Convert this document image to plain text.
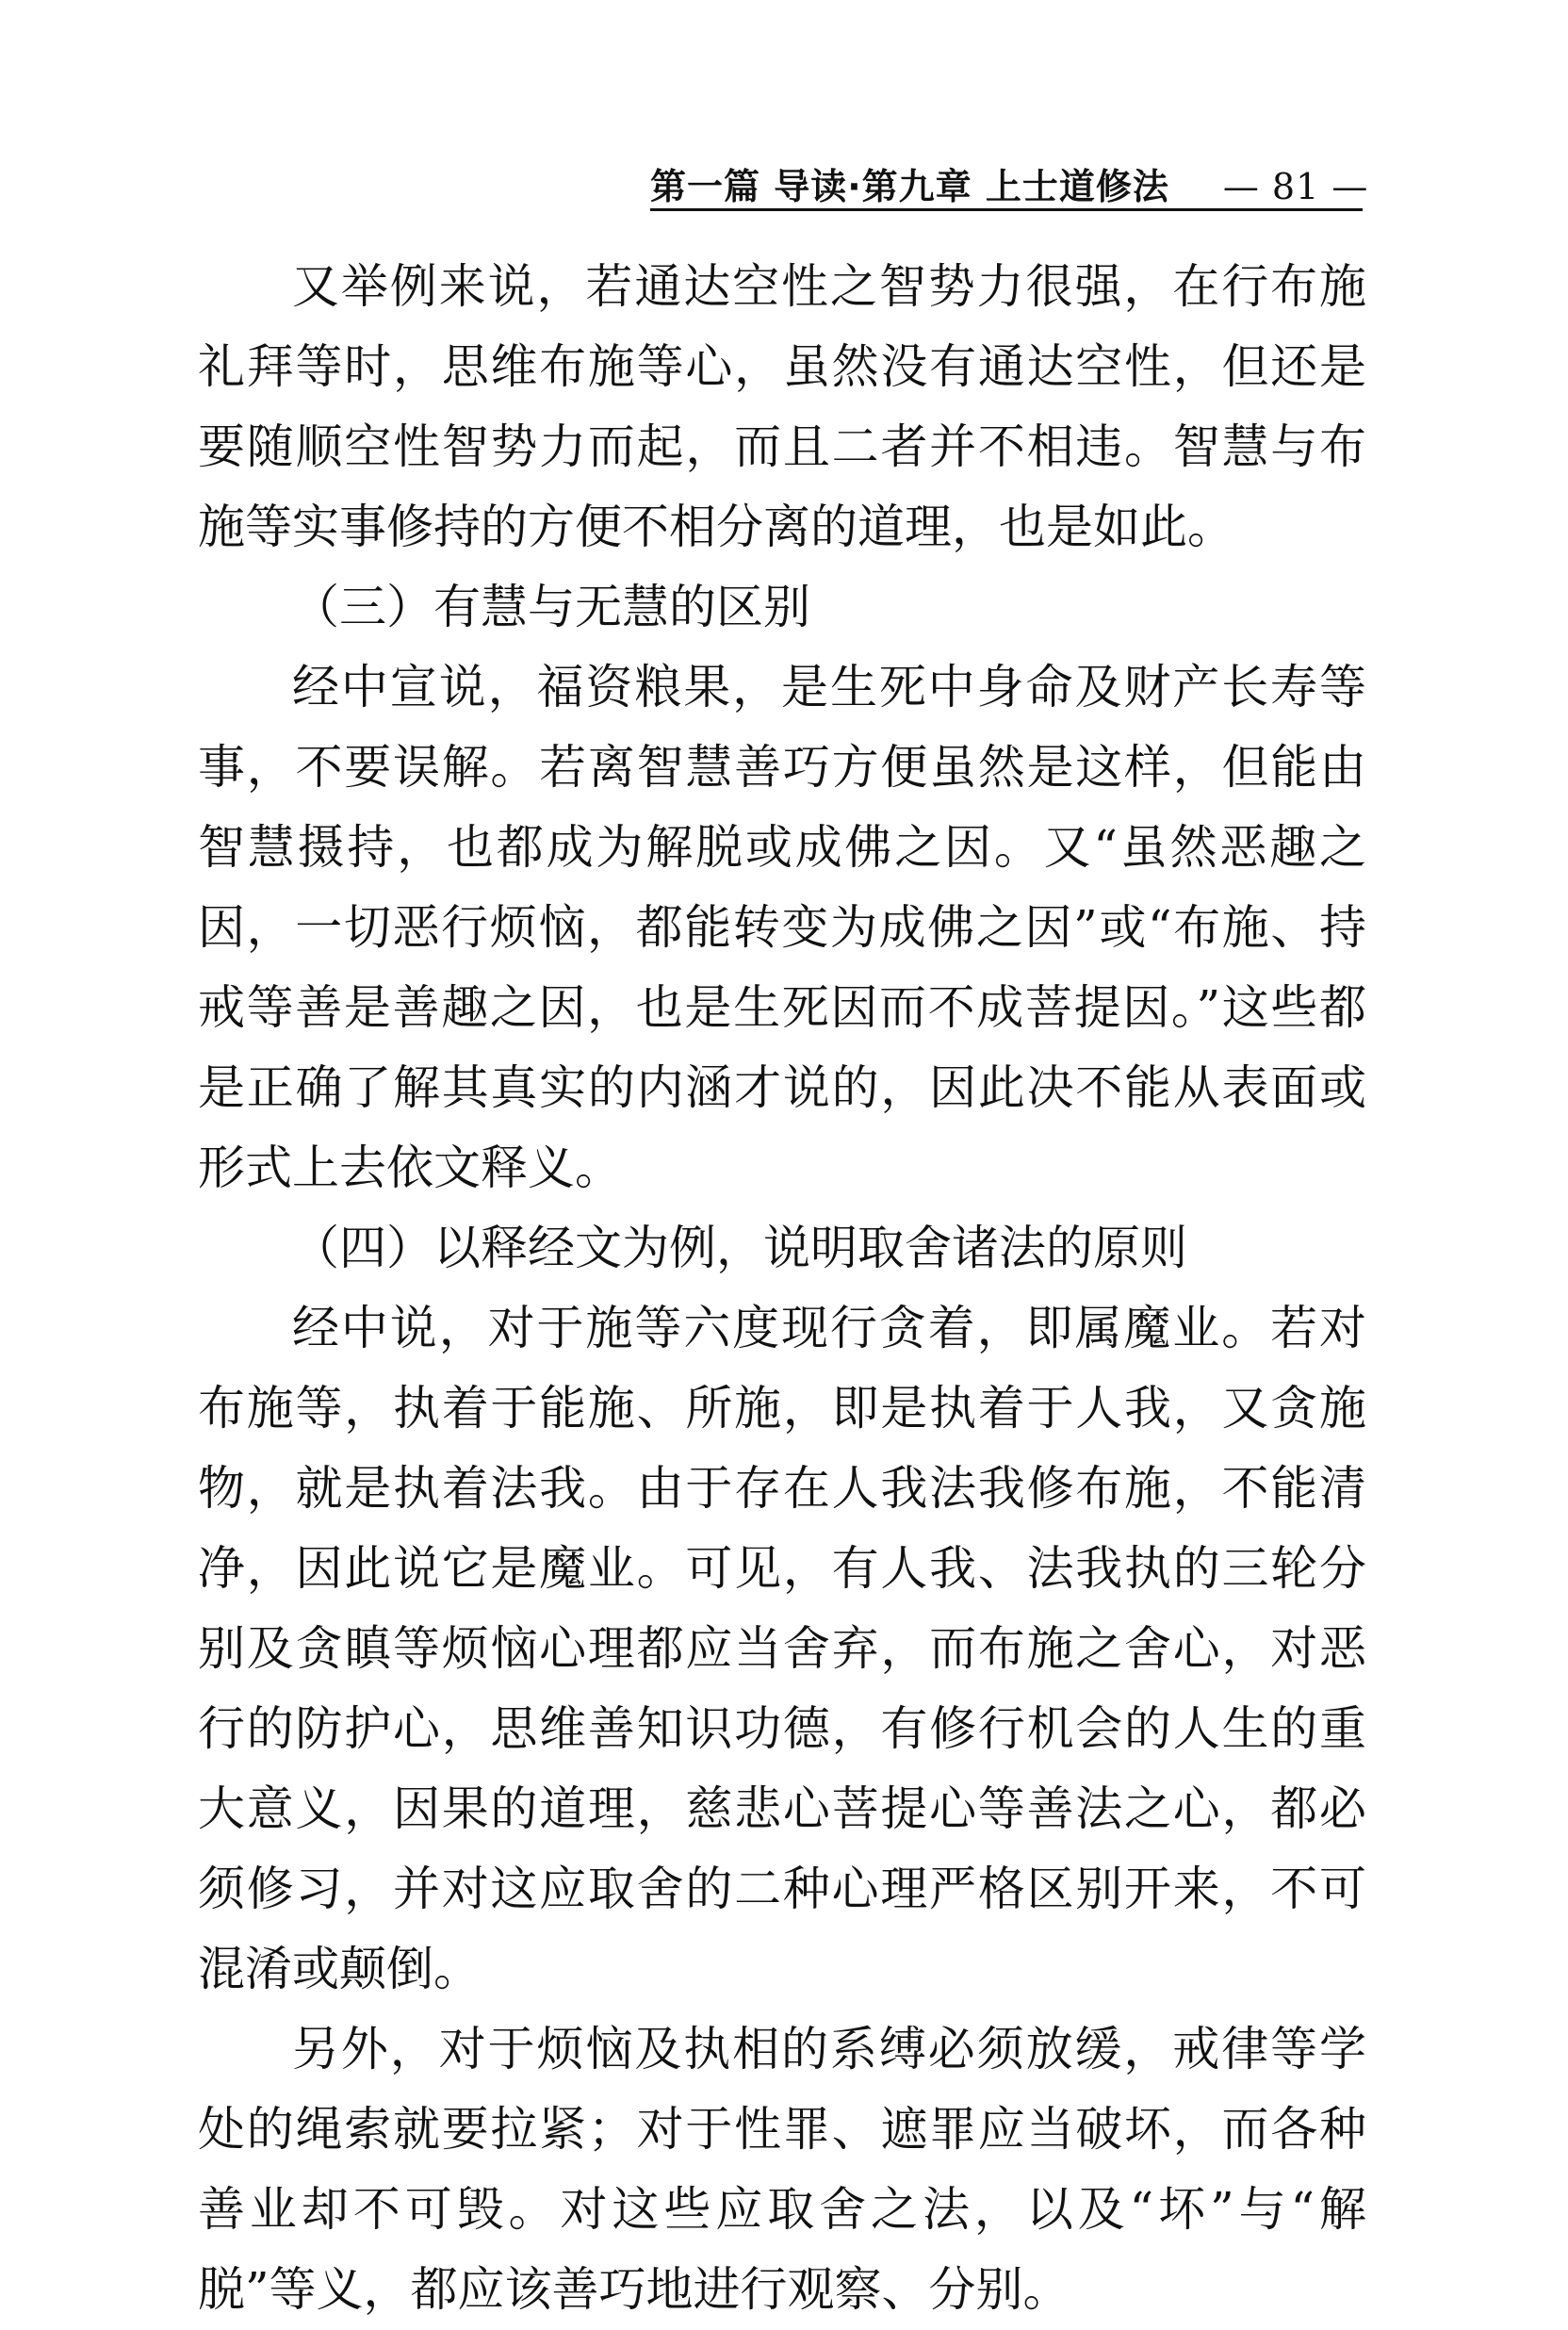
第一篇 导读·第九章 上士道修法 — 81 —

又举例来说，若通达空性之智势力很强，在行布施礼拜等时，思维布施等心，虽然没有通达空性，但还是要随顺空性智势力而起，而且二者并不相违。智慧与布施等实事修持的方便不相分离的道理，也是如此。

（三）有慧与无慧的区别

经中宣说，福资粮果，是生死中身命及财产长寿等事，不要误解。若离智慧善巧方便虽然是这样，但能由智慧摄持，也都成为解脱或成佛之因。又“虽然恶趣之因，一切恶行烦恼，都能转变为成佛之因”或“布施、持戒等善是善趣之因，也是生死因而不成菩提因。”这些都是正确了解其真实的内涵才说的，因此决不能从表面或形式上去依文释义。

（四）以释经文为例，说明取舍诸法的原则

经中说，对于施等六度现行贪着，即属魔业。若对布施等，执着于能施、所施，即是执着于人我，又贪施物，就是执着法我。由于存在人我法我修布施，不能清净，因此说它是魔业。可见，有人我、法我执的三轮分别及贪瞋等烦恼心理都应当舍弃，而布施之舍心，对恶行的防护心，思维善知识功德，有修行机会的人生的重大意义，因果的道理，慈悲心菩提心等善法之心，都必须修习，并对这应取舍的二种心理严格区别开来，不可混淆或颠倒。

另外，对于烦恼及执相的系缚必须放缓，戒律等学处的绳索就要拉紧；对于性罪、遮罪应当破坏，而各种善业却不可毁。对这些应取舍之法，以及“坏”与“解脱”等义，都应该善巧地进行观察、分别。
